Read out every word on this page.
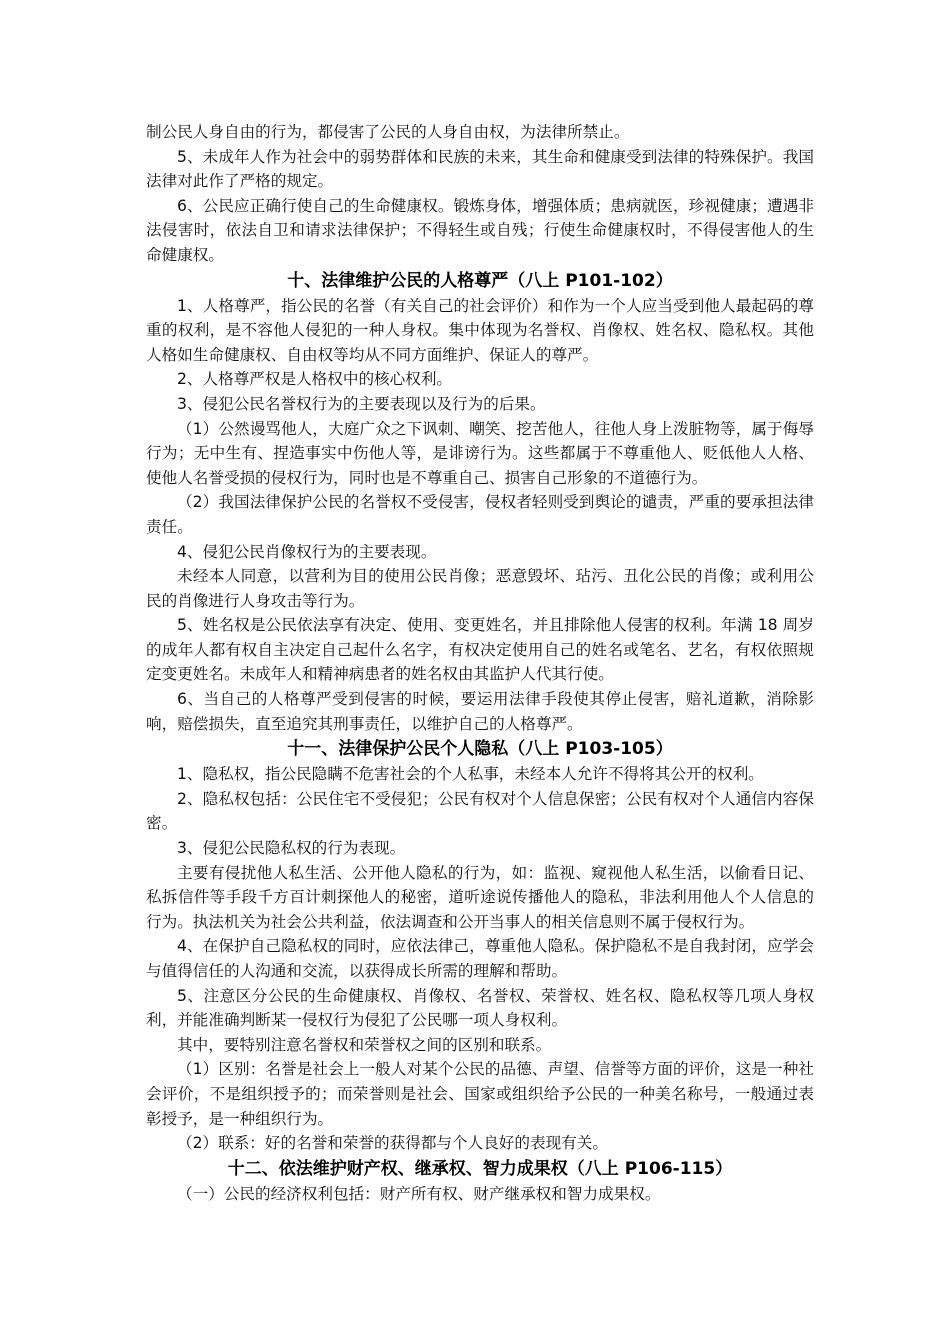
制公民人身自由的行为，都侵害了公民的人身自由权，为法律所禁止。

5、未成年人作为社会中的弱势群体和民族的未来，其生命和健康受到法律的特殊保护。我国法律对此作了严格的规定。

6、公民应正确行使自己的生命健康权。锻炼身体，增强体质；患病就医，珍视健康；遭遇非法侵害时，依法自卫和请求法律保护；不得轻生或自残；行使生命健康权时，不得侵害他人的生命健康权。

十、法律维护公民的人格尊严（八上 P101-102）

1、人格尊严，指公民的名誉（有关自己的社会评价）和作为一个人应当受到他人最起码的尊重的权利，是不容他人侵犯的一种人身权。集中体现为名誉权、肖像权、姓名权、隐私权。其他人格如生命健康权、自由权等均从不同方面维护、保证人的尊严。

2、人格尊严权是人格权中的核心权利。

3、侵犯公民名誉权行为的主要表现以及行为的后果。

（1）公然谩骂他人，大庭广众之下讽刺、嘲笑、挖苦他人，往他人身上泼脏物等，属于侮辱行为；无中生有、捏造事实中伤他人等，是诽谤行为。这些都属于不尊重他人、贬低他人人格、使他人名誉受损的侵权行为，同时也是不尊重自己、损害自己形象的不道德行为。

（2）我国法律保护公民的名誉权不受侵害，侵权者轻则受到舆论的谴责，严重的要承担法律责任。

4、侵犯公民肖像权行为的主要表现。

未经本人同意，以营利为目的使用公民肖像；恶意毁坏、玷污、丑化公民的肖像；或利用公民的肖像进行人身攻击等行为。

5、姓名权是公民依法享有决定、使用、变更姓名，并且排除他人侵害的权利。年满 18 周岁的成年人都有权自主决定自己起什么名字，有权决定使用自己的姓名或笔名、艺名，有权依照规定变更姓名。未成年人和精神病患者的姓名权由其监护人代其行使。

6、当自己的人格尊严受到侵害的时候，要运用法律手段使其停止侵害，赔礼道歉，消除影响，赔偿损失，直至追究其刑事责任，以维护自己的人格尊严。

十一、法律保护公民个人隐私（八上 P103-105）

1、隐私权，指公民隐瞒不危害社会的个人私事，未经本人允许不得将其公开的权利。

2、隐私权包括：公民住宅不受侵犯；公民有权对个人信息保密；公民有权对个人通信内容保密。

3、侵犯公民隐私权的行为表现。

主要有侵扰他人私生活、公开他人隐私的行为，如：监视、窥视他人私生活，以偷看日记、私拆信件等手段千方百计刺探他人的秘密，道听途说传播他人的隐私，非法利用他人个人信息的行为。执法机关为社会公共利益，依法调查和公开当事人的相关信息则不属于侵权行为。

4、在保护自己隐私权的同时，应依法律己，尊重他人隐私。保护隐私不是自我封闭，应学会与值得信任的人沟通和交流，以获得成长所需的理解和帮助。

5、注意区分公民的生命健康权、肖像权、名誉权、荣誉权、姓名权、隐私权等几项人身权利，并能准确判断某一侵权行为侵犯了公民哪一项人身权利。

其中，要特别注意名誉权和荣誉权之间的区别和联系。

（1）区别：名誉是社会上一般人对某个公民的品德、声望、信誉等方面的评价，这是一种社会评价，不是组织授予的；而荣誉则是社会、国家或组织给予公民的一种美名称号，一般通过表彰授予，是一种组织行为。

（2）联系：好的名誉和荣誉的获得都与个人良好的表现有关。

十二、依法维护财产权、继承权、智力成果权（八上 P106-115）

（一）公民的经济权利包括：财产所有权、财产继承权和智力成果权。
